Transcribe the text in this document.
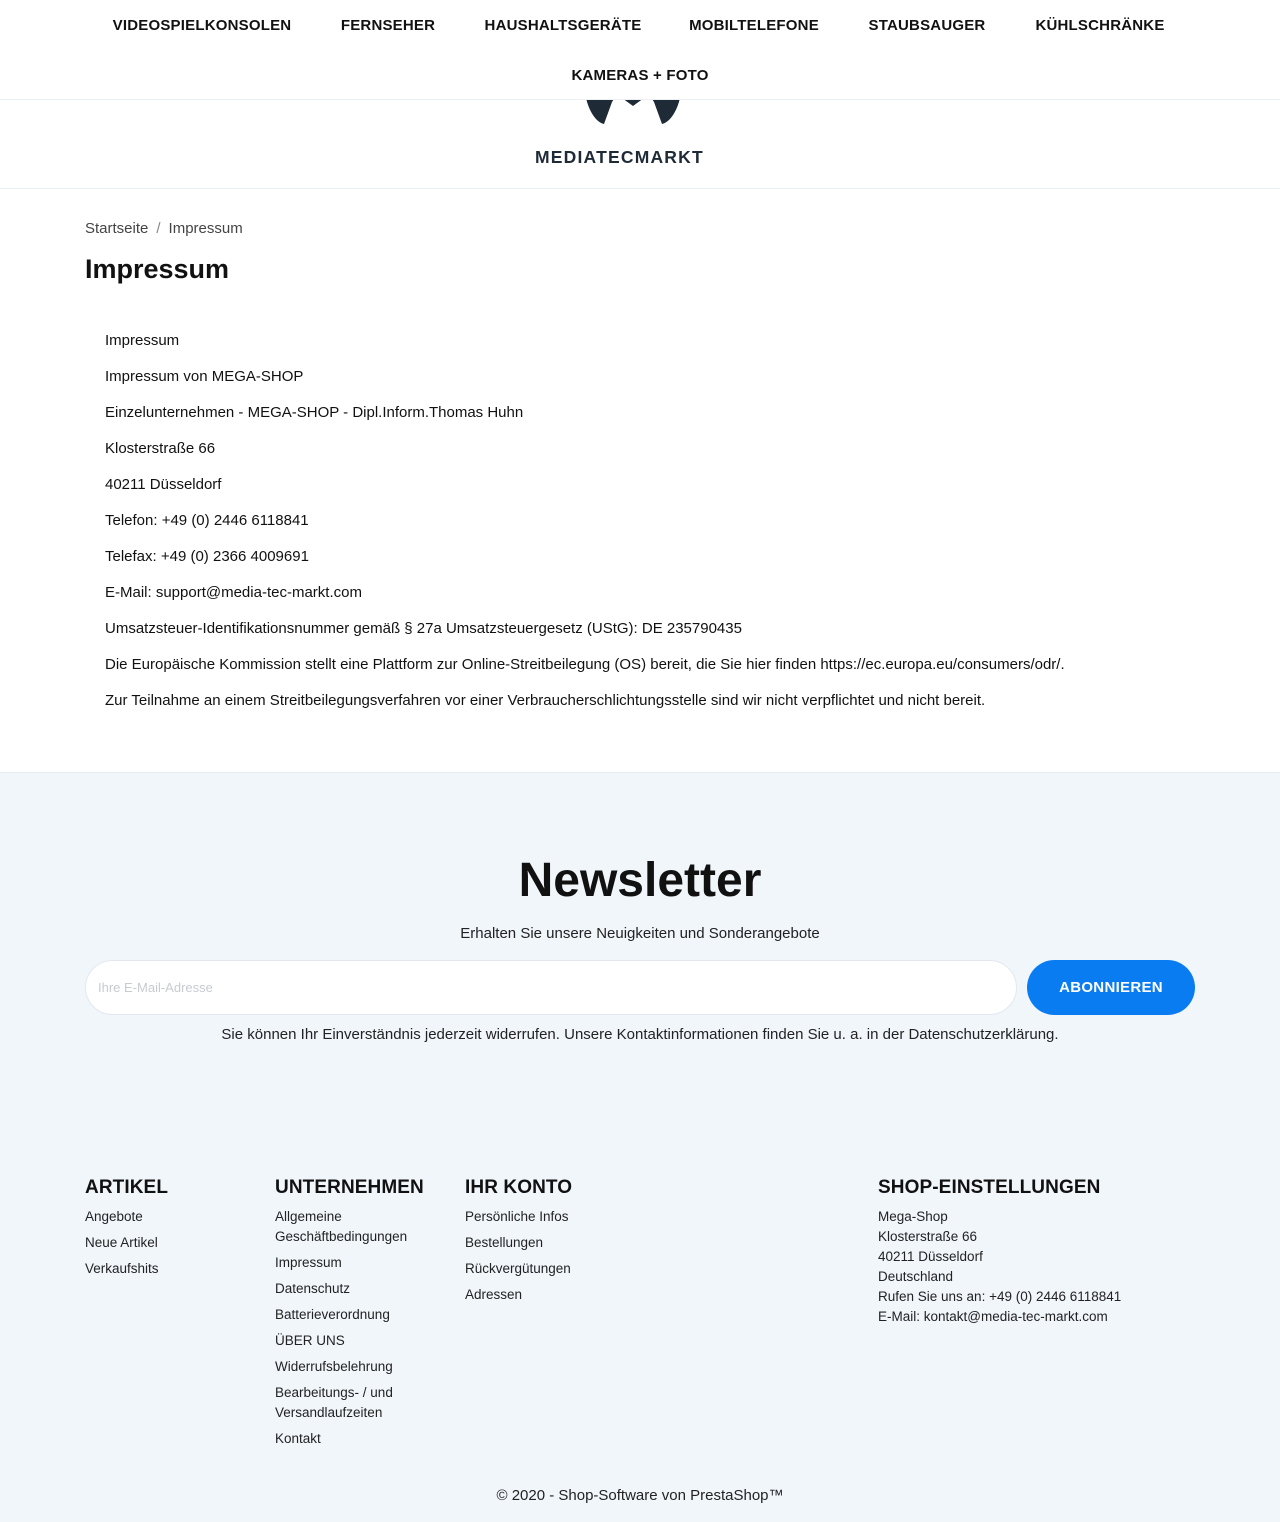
VIDEOSPIELKONSOLEN	FERNSEHER	HAUSHALTSGERÄTE	MOBILTELEFONE	STAUBSAUGER	KÜHLSCHRÄNKE
KAMERAS + FOTO
MEDIATECMARKT
Startseite / Impressum
Impressum

Impressum

Impressum von MEGA-SHOP

Einzelunternehmen - MEGA-SHOP - Dipl.Inform.Thomas Huhn

Klosterstraße 66

40211 Düsseldorf

Telefon: +49 (0) 2446 6118841

Telefax: +49 (0) 2366 4009691

E-Mail: support@media-tec-markt.com

Umsatzsteuer-Identifikationsnummer gemäß § 27a Umsatzsteuergesetz (UStG): DE 235790435

Die Europäische Kommission stellt eine Plattform zur Online-Streitbeilegung (OS) bereit, die Sie hier finden https://ec.europa.eu/consumers/odr/.

Zur Teilnahme an einem Streitbeilegungsverfahren vor einer Verbraucherschlichtungsstelle sind wir nicht verpflichtet und nicht bereit.

Newsletter

Erhalten Sie unsere Neuigkeiten und Sonderangebote

Ihre E-Mail-Adresse
ABONNIEREN

Sie können Ihr Einverständnis jederzeit widerrufen. Unsere Kontaktinformationen finden Sie u. a. in der Datenschutzerklärung.

ARTIKEL
Angebote
Neue Artikel
Verkaufshits
UNTERNEHMEN
Allgemeine Geschäftbedingungen
Impressum
Datenschutz
Batterieverordnung
ÜBER UNS
Widerrufsbelehrung
Bearbeitungs- / und Versandlaufzeiten
Kontakt
IHR KONTO
Persönliche Infos
Bestellungen
Rückvergütungen
Adressen
SHOP-EINSTELLUNGEN
Mega-Shop
Klosterstraße 66
40211 Düsseldorf
Deutschland
Rufen Sie uns an: +49 (0) 2446 6118841
E-Mail: kontakt@media-tec-markt.com

© 2020 - Shop-Software von PrestaShop™
